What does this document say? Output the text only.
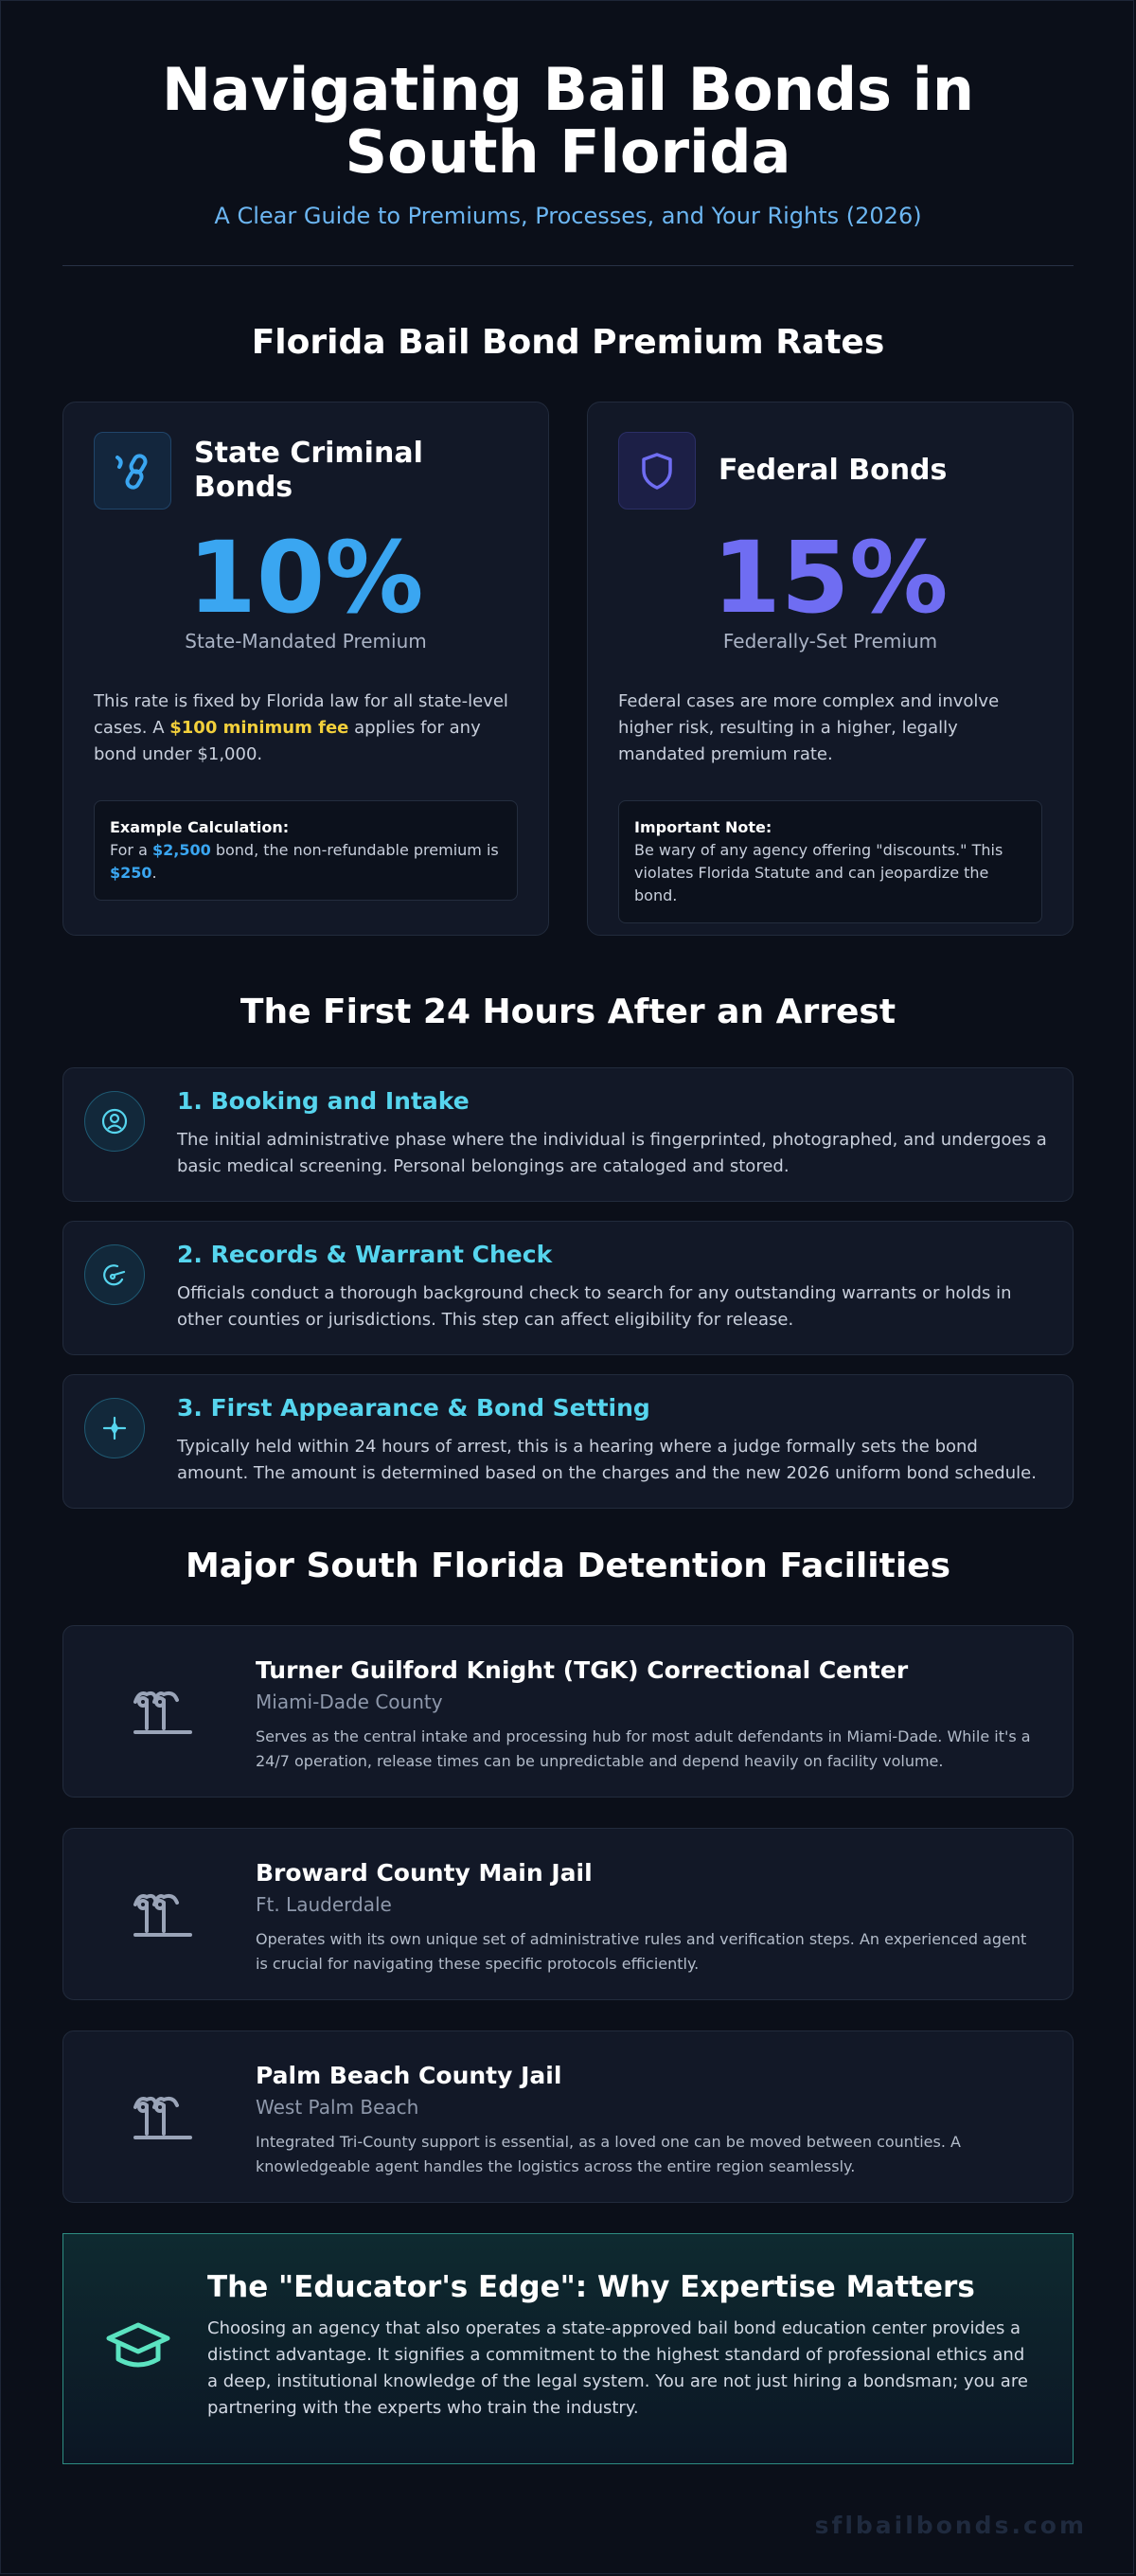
Navigating Bail Bonds in South Florida
A Clear Guide to Premiums, Processes, and Your Rights (2026)
Florida Bail Bond Premium Rates
State Criminal Bonds
10%
State-Mandated Premium
This rate is fixed by Florida law for all state-level cases. A $100 minimum fee applies for any bond under $1,000.
Example Calculation:
For a $2,500 bond, the non-refundable premium is $250.
Federal Bonds
15%
Federally-Set Premium
Federal cases are more complex and involve higher risk, resulting in a higher, legally mandated premium rate.
Important Note:
Be wary of any agency offering "discounts." This violates Florida Statute and can jeopardize the bond.
The First 24 Hours After an Arrest
1. Booking and Intake
The initial administrative phase where the individual is fingerprinted, photographed, and undergoes a basic medical screening. Personal belongings are cataloged and stored.
2. Records & Warrant Check
Officials conduct a thorough background check to search for any outstanding warrants or holds in other counties or jurisdictions. This step can affect eligibility for release.
3. First Appearance & Bond Setting
Typically held within 24 hours of arrest, this is a hearing where a judge formally sets the bond amount. The amount is determined based on the charges and the new 2026 uniform bond schedule.
Major South Florida Detention Facilities
Turner Guilford Knight (TGK) Correctional Center
Miami-Dade County
Serves as the central intake and processing hub for most adult defendants in Miami-Dade. While it's a 24/7 operation, release times can be unpredictable and depend heavily on facility volume.
Broward County Main Jail
Ft. Lauderdale
Operates with its own unique set of administrative rules and verification steps. An experienced agent is crucial for navigating these specific protocols efficiently.
Palm Beach County Jail
West Palm Beach
Integrated Tri-County support is essential, as a loved one can be moved between counties. A knowledgeable agent handles the logistics across the entire region seamlessly.
The "Educator's Edge": Why Expertise Matters
Choosing an agency that also operates a state-approved bail bond education center provides a distinct advantage. It signifies a commitment to the highest standard of professional ethics and a deep, institutional knowledge of the legal system. You are not just hiring a bondsman; you are partnering with the experts who train the industry.
sflbailbonds.com
